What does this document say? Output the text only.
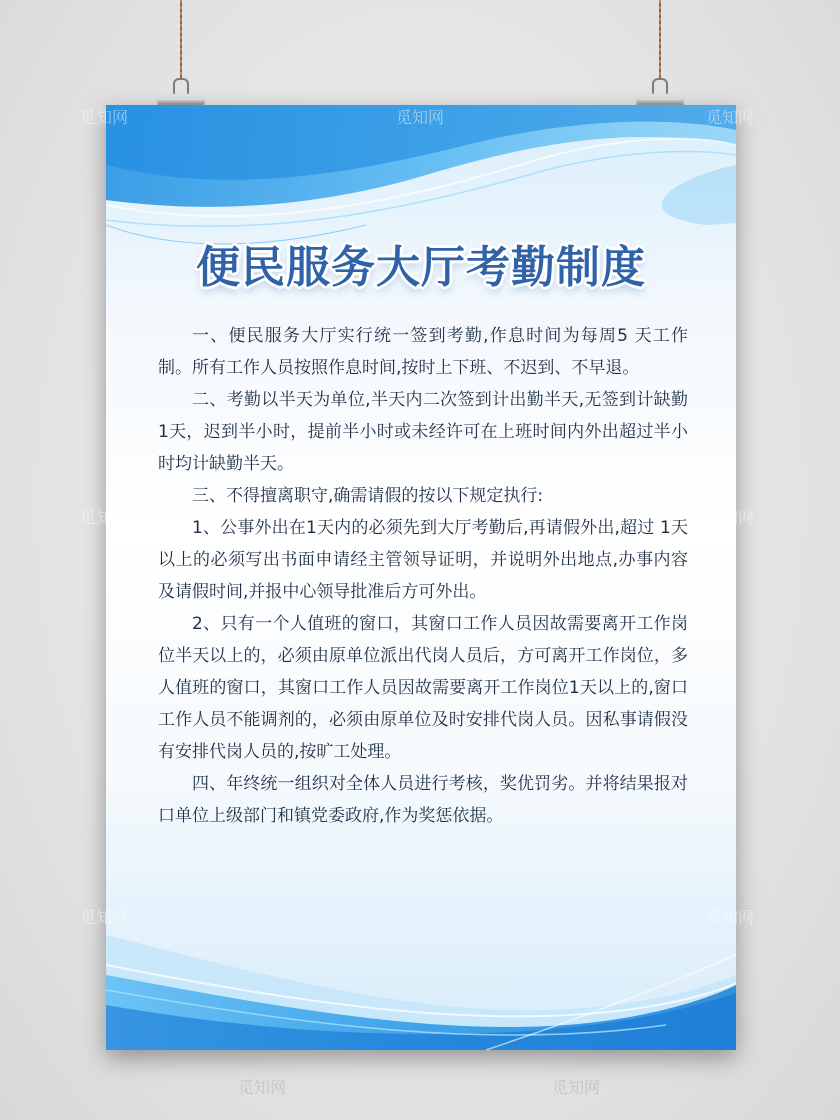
便民服务大厅考勤制度

一、便民服务大厅实行统一签到考勤,作息时间为每周5 天工作制。所有工作人员按照作息时间,按时上下班、不迟到、不早退。

二、考勤以半天为单位,半天内二次签到计出勤半天,无签到计缺勤1天，迟到半小时，提前半小时或未经许可在上班时间内外出超过半小时均计缺勤半天。

三、不得擅离职守,确需请假的按以下规定执行:

1、公事外出在1天内的必须先到大厅考勤后,再请假外出,超过 1天以上的必须写出书面申请经主管领导证明，并说明外出地点,办事内容及请假时间,并报中心领导批准后方可外出。

2、只有一个人值班的窗口，其窗口工作人员因故需要离开工作岗位半天以上的，必须由原单位派出代岗人员后，方可离开工作岗位，多人值班的窗口，其窗口工作人员因故需要离开工作岗位1天以上的,窗口工作人员不能调剂的，必须由原单位及时安排代岗人员。因私事请假没有安排代岗人员的,按旷工处理。

四、年终统一组织对全体人员进行考核，奖优罚劣。并将结果报对口单位上级部门和镇党委政府,作为奖惩依据。

觅知网	觅知网	觅知网
觅知网	觅知网
觅知网	觅知网
觅知网	觅知网
